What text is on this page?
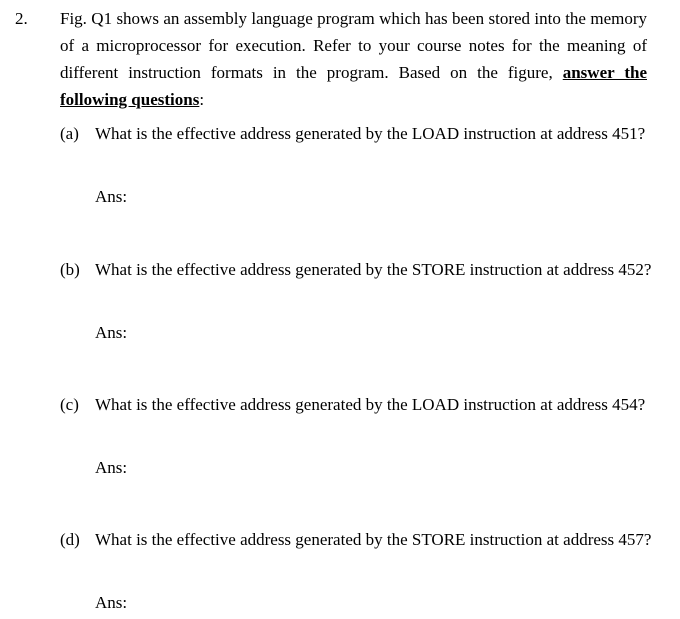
2. Fig. Q1 shows an assembly language program which has been stored into the memory of a microprocessor for execution. Refer to your course notes for the meaning of different instruction formats in the program. Based on the figure, answer the following questions:
(a) What is the effective address generated by the LOAD instruction at address 451?
Ans:
(b) What is the effective address generated by the STORE instruction at address 452?
Ans:
(c) What is the effective address generated by the LOAD instruction at address 454?
Ans:
(d) What is the effective address generated by the STORE instruction at address 457?
Ans:
